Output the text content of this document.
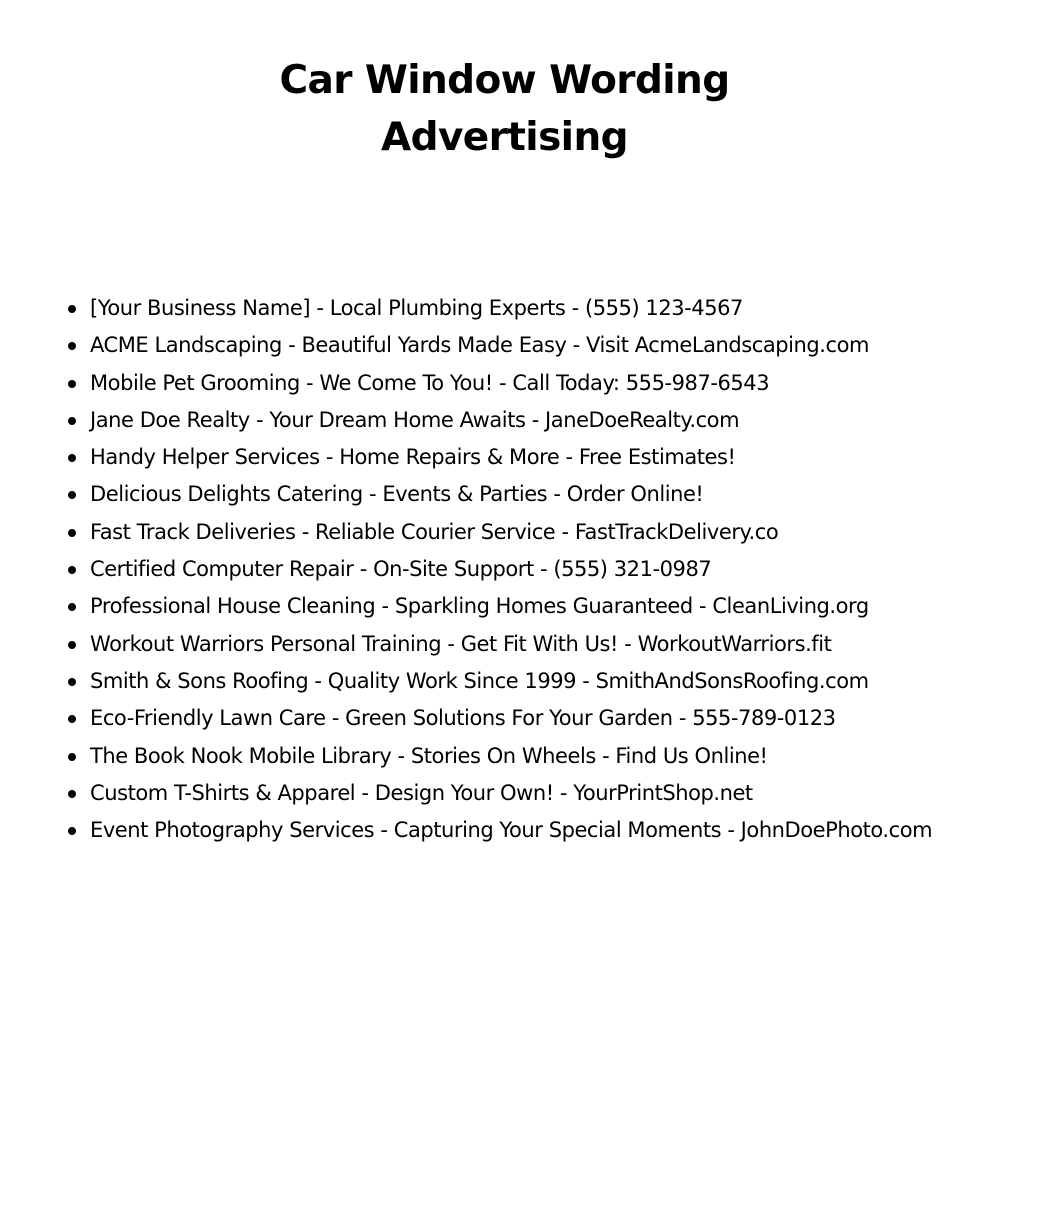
Car Window Wording
Advertising
[Your Business Name] - Local Plumbing Experts - (555) 123-4567
ACME Landscaping - Beautiful Yards Made Easy - Visit AcmeLandscaping.com
Mobile Pet Grooming - We Come To You! - Call Today: 555-987-6543
Jane Doe Realty - Your Dream Home Awaits - JaneDoeRealty.com
Handy Helper Services - Home Repairs & More - Free Estimates!
Delicious Delights Catering - Events & Parties - Order Online!
Fast Track Deliveries - Reliable Courier Service - FastTrackDelivery.co
Certified Computer Repair - On-Site Support - (555) 321-0987
Professional House Cleaning - Sparkling Homes Guaranteed - CleanLiving.org
Workout Warriors Personal Training - Get Fit With Us! - WorkoutWarriors.fit
Smith & Sons Roofing - Quality Work Since 1999 - SmithAndSonsRoofing.com
Eco-Friendly Lawn Care - Green Solutions For Your Garden - 555-789-0123
The Book Nook Mobile Library - Stories On Wheels - Find Us Online!
Custom T-Shirts & Apparel - Design Your Own! - YourPrintShop.net
Event Photography Services - Capturing Your Special Moments - JohnDoePhoto.com
